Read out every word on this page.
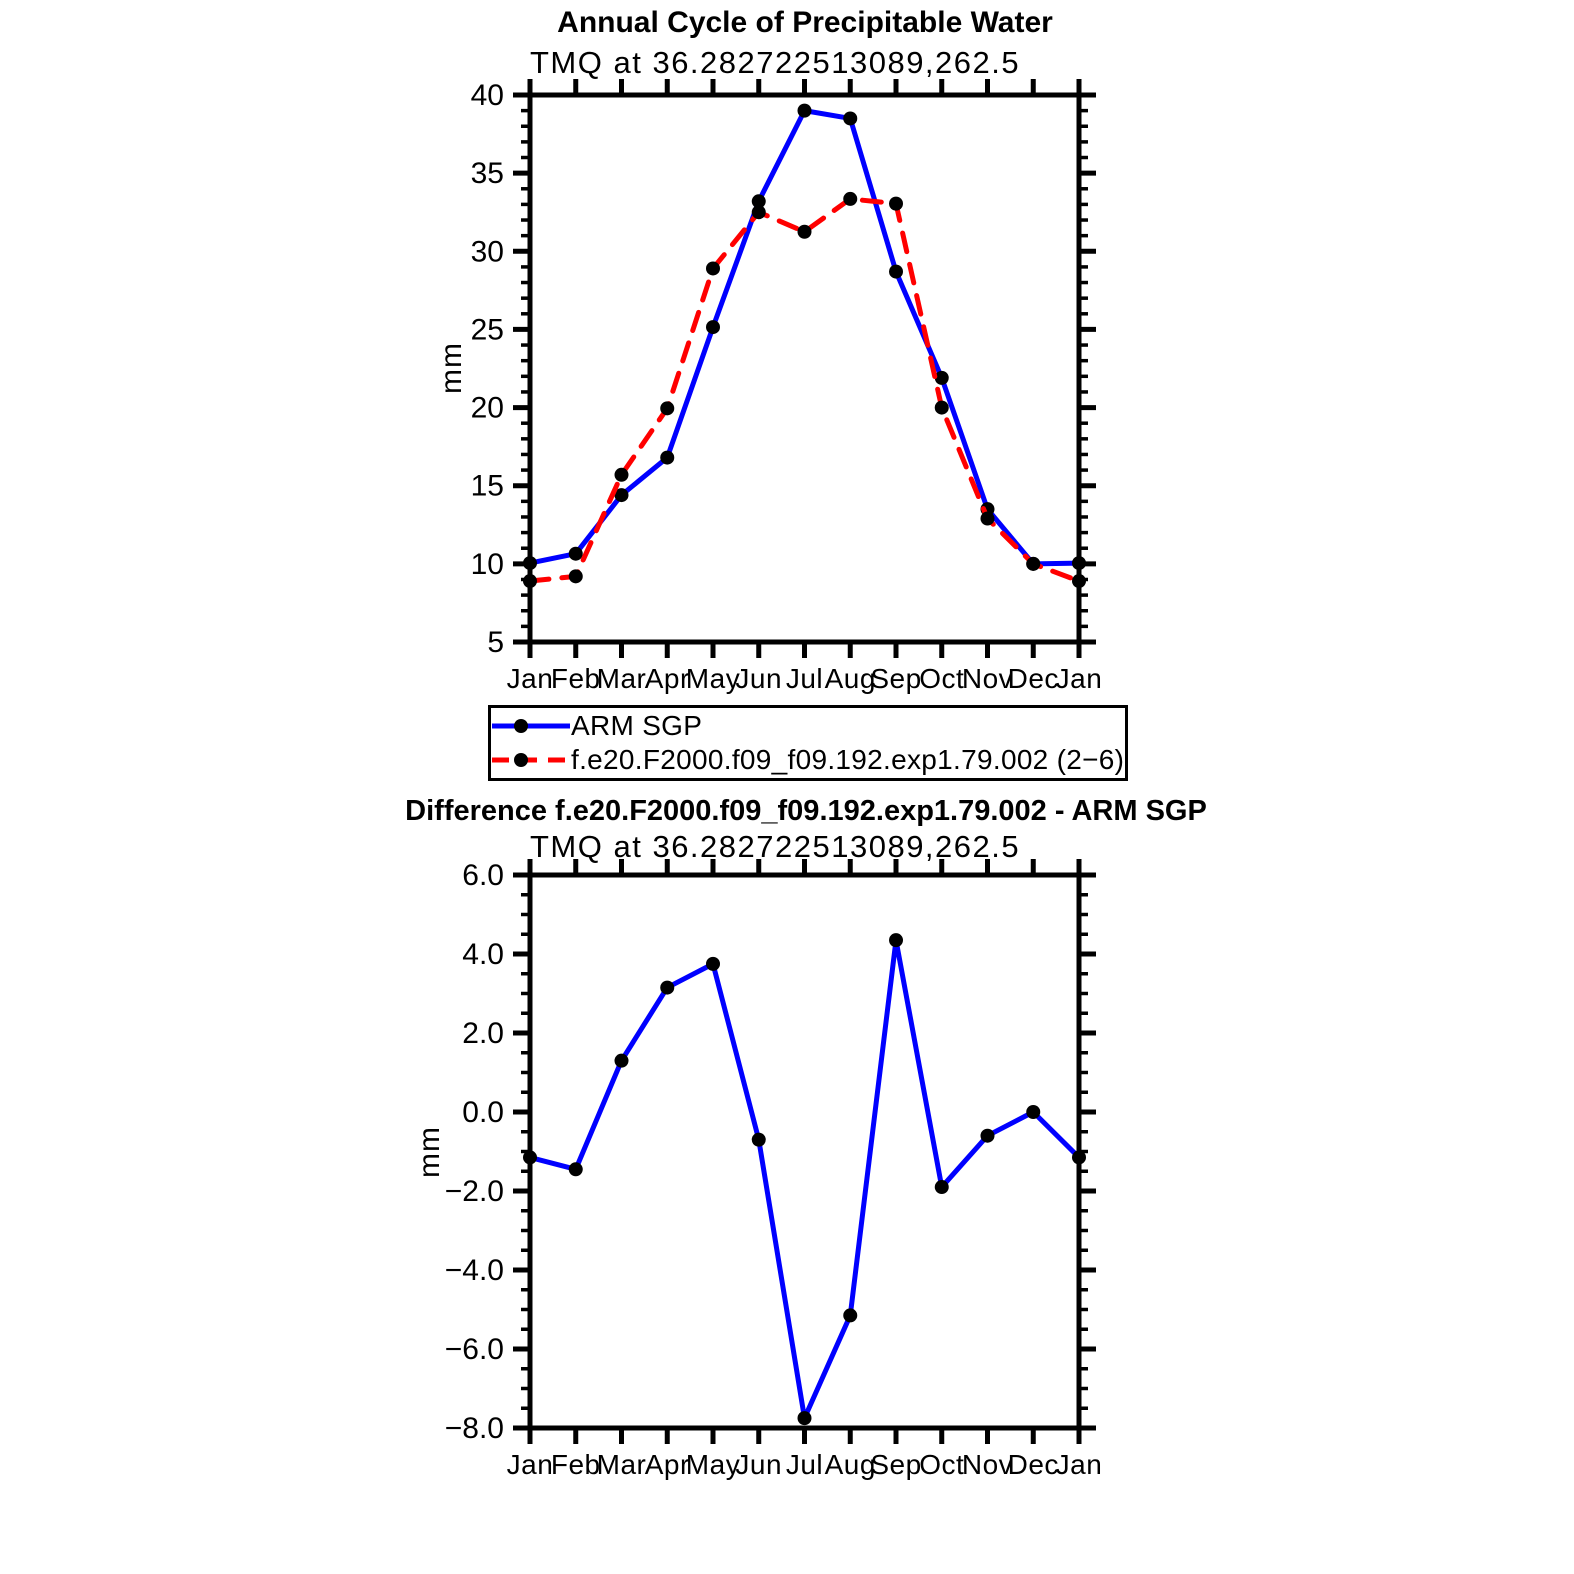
Jan
Feb
Mar
Apr
May
Jun Jul Aug
Sep
Oct
Nov
Dec
Jan
40
35
30
25
20
15
10
5
Jan
Feb
Mar
Apr
May
Jun Jul Aug
Sep
Oct
Nov
Dec
Jan
6.0
4.0
2.0
0.0
−2.0
−4.0
−6.0
−8.0
Annual Cycle of Precipitable Water
TMQ at 36.282722513089,262.5
mm
ARM SGP
f.e20.F2000.f09_f09.192.exp1.79.002 (2−6)
Difference f.e20.F2000.f09_f09.192.exp1.79.002 - ARM SGP
TMQ at 36.282722513089,262.5
mm
